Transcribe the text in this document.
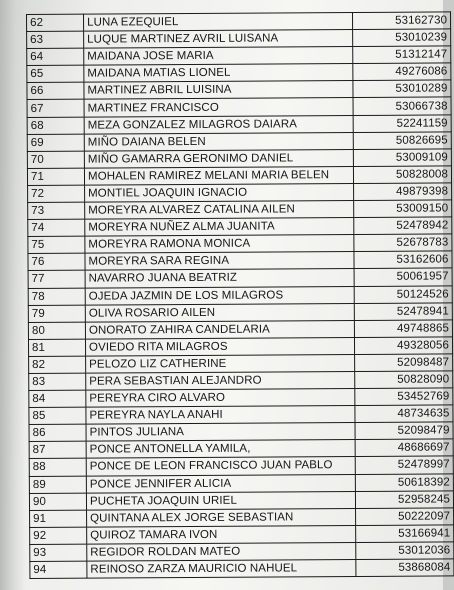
62	LUNA EZEQUIEL	53162730
63	LUQUE MARTINEZ AVRIL LUISANA	53010239
64	MAIDANA JOSE MARIA	51312147
65	MAIDANA MATIAS LIONEL	49276086
66	MARTINEZ ABRIL LUISINA	53010289
67	MARTINEZ FRANCISCO	53066738
68	MEZA GONZALEZ MILAGROS DAIARA	52241159
69	MIÑO DAIANA BELEN	50826695
70	MIÑO GAMARRA GERONIMO DANIEL	53009109
71	MOHALEN RAMIREZ MELANI MARIA BELEN	50828008
72	MONTIEL JOAQUIN IGNACIO	49879398
73	MOREYRA ALVAREZ CATALINA AILEN	53009150
74	MOREYRA NUÑEZ ALMA JUANITA	52478942
75	MOREYRA RAMONA MONICA	52678783
76	MOREYRA SARA REGINA	53162606
77	NAVARRO JUANA BEATRIZ	50061957
78	OJEDA JAZMIN DE LOS MILAGROS	50124526
79	OLIVA ROSARIO AILEN	52478941
80	ONORATO ZAHIRA CANDELARIA	49748865
81	OVIEDO RITA MILAGROS	49328056
82	PELOZO LIZ CATHERINE	52098487
83	PERA SEBASTIAN ALEJANDRO	50828090
84	PEREYRA CIRO ALVARO	53452769
85	PEREYRA NAYLA ANAHI	48734635
86	PINTOS JULIANA	52098479
87	PONCE ANTONELLA YAMILA,	48686697
88	PONCE DE LEON FRANCISCO JUAN PABLO	52478997
89	PONCE JENNIFER ALICIA	50618392
90	PUCHETA JOAQUIN URIEL	52958245
91	QUINTANA ALEX JORGE SEBASTIAN	50222097
92	QUIROZ TAMARA IVON	53166941
93	REGIDOR ROLDAN MATEO	53012036
94	REINOSO ZARZA MAURICIO NAHUEL	53868084
